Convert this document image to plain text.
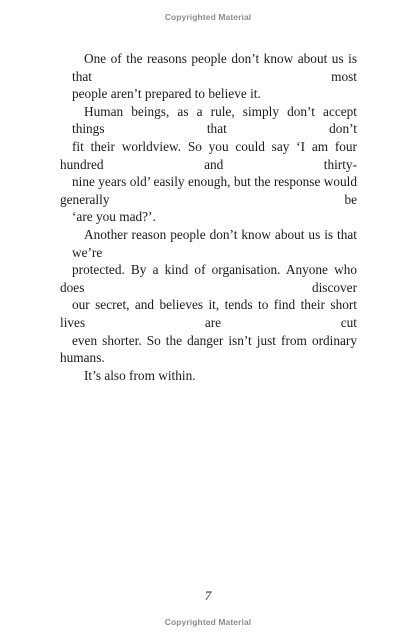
Copyrighted Material
One of the reasons people don’t know about us is that most
people aren’t prepared to believe it.
Human beings, as a rule, simply don’t accept things that don’t
fit their worldview. So you could say ‘I am four hundred and thirty-
nine years old’ easily enough, but the response would generally be
‘are you mad?’.
Another reason people don’t know about us is that we’re
protected. By a kind of organisation. Anyone who does discover
our secret, and believes it, tends to find their short lives are cut
even shorter. So the danger isn’t just from ordinary humans.
It’s also from within.
7
Copyrighted Material
